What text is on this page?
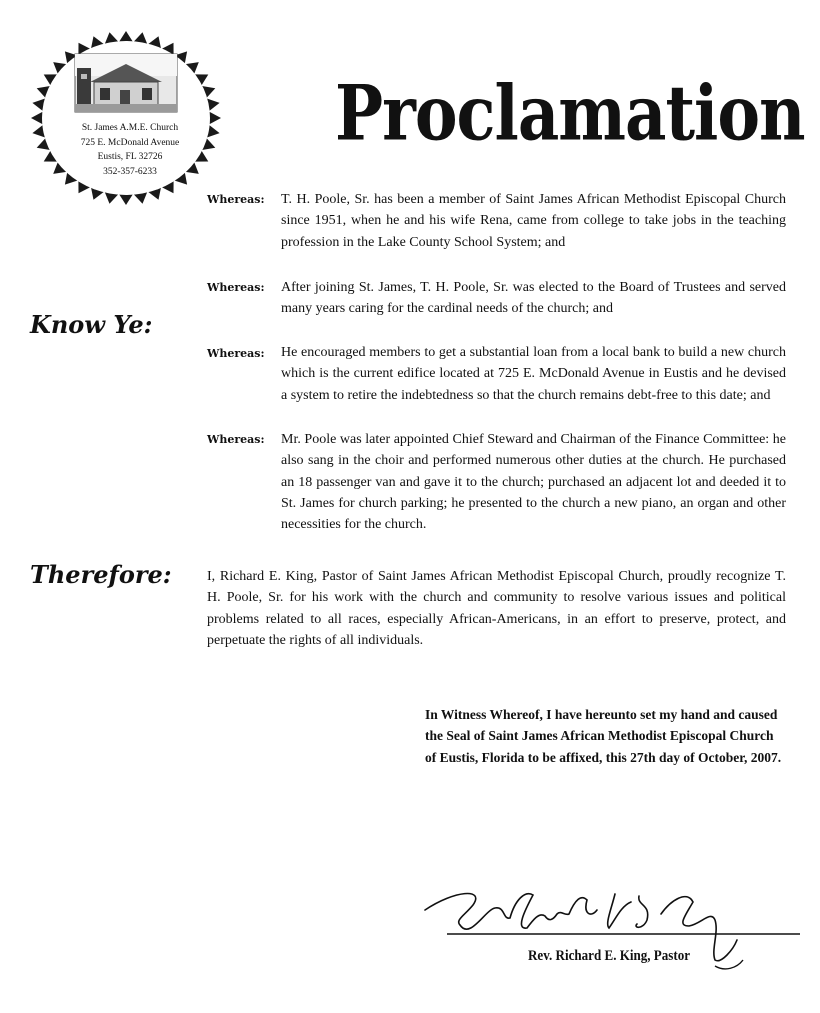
St. James A.M.E. Church
725 E. McDonald Avenue
Eustis, FL 32726
352-357-6233
Proclamation
Know Ye:
Therefore:
Whereas: T. H. Poole, Sr. has been a member of Saint James African Methodist Episcopal Church since 1951, when he and his wife Rena, came from college to take jobs in the teaching profession in the Lake County School System; and
Whereas: After joining St. James, T. H. Poole, Sr. was elected to the Board of Trustees and served many years caring for the cardinal needs of the church; and
Whereas: He encouraged members to get a substantial loan from a local bank to build a new church which is the current edifice located at 725 E. McDonald Avenue in Eustis and he devised a system to retire the indebtedness so that the church remains debt-free to this date; and
Whereas: Mr. Poole was later appointed Chief Steward and Chairman of the Finance Committee: he also sang in the choir and performed numerous other duties at the church. He purchased an 18 passenger van and gave it to the church; purchased an adjacent lot and deeded it to St. James for church parking; he presented to the church a new piano, an organ and other necessities for the church.
I, Richard E. King, Pastor of Saint James African Methodist Episcopal Church, proudly recognize T. H. Poole, Sr. for his work with the church and community to resolve various issues and political problems related to all races, especially African-Americans, in an effort to preserve, protect, and perpetuate the rights of all individuals.
In Witness Whereof, I have hereunto set my hand and caused the Seal of Saint James African Methodist Episcopal Church of Eustis, Florida to be affixed, this 27th day of October, 2007.
Rev. Richard E. King, Pastor
